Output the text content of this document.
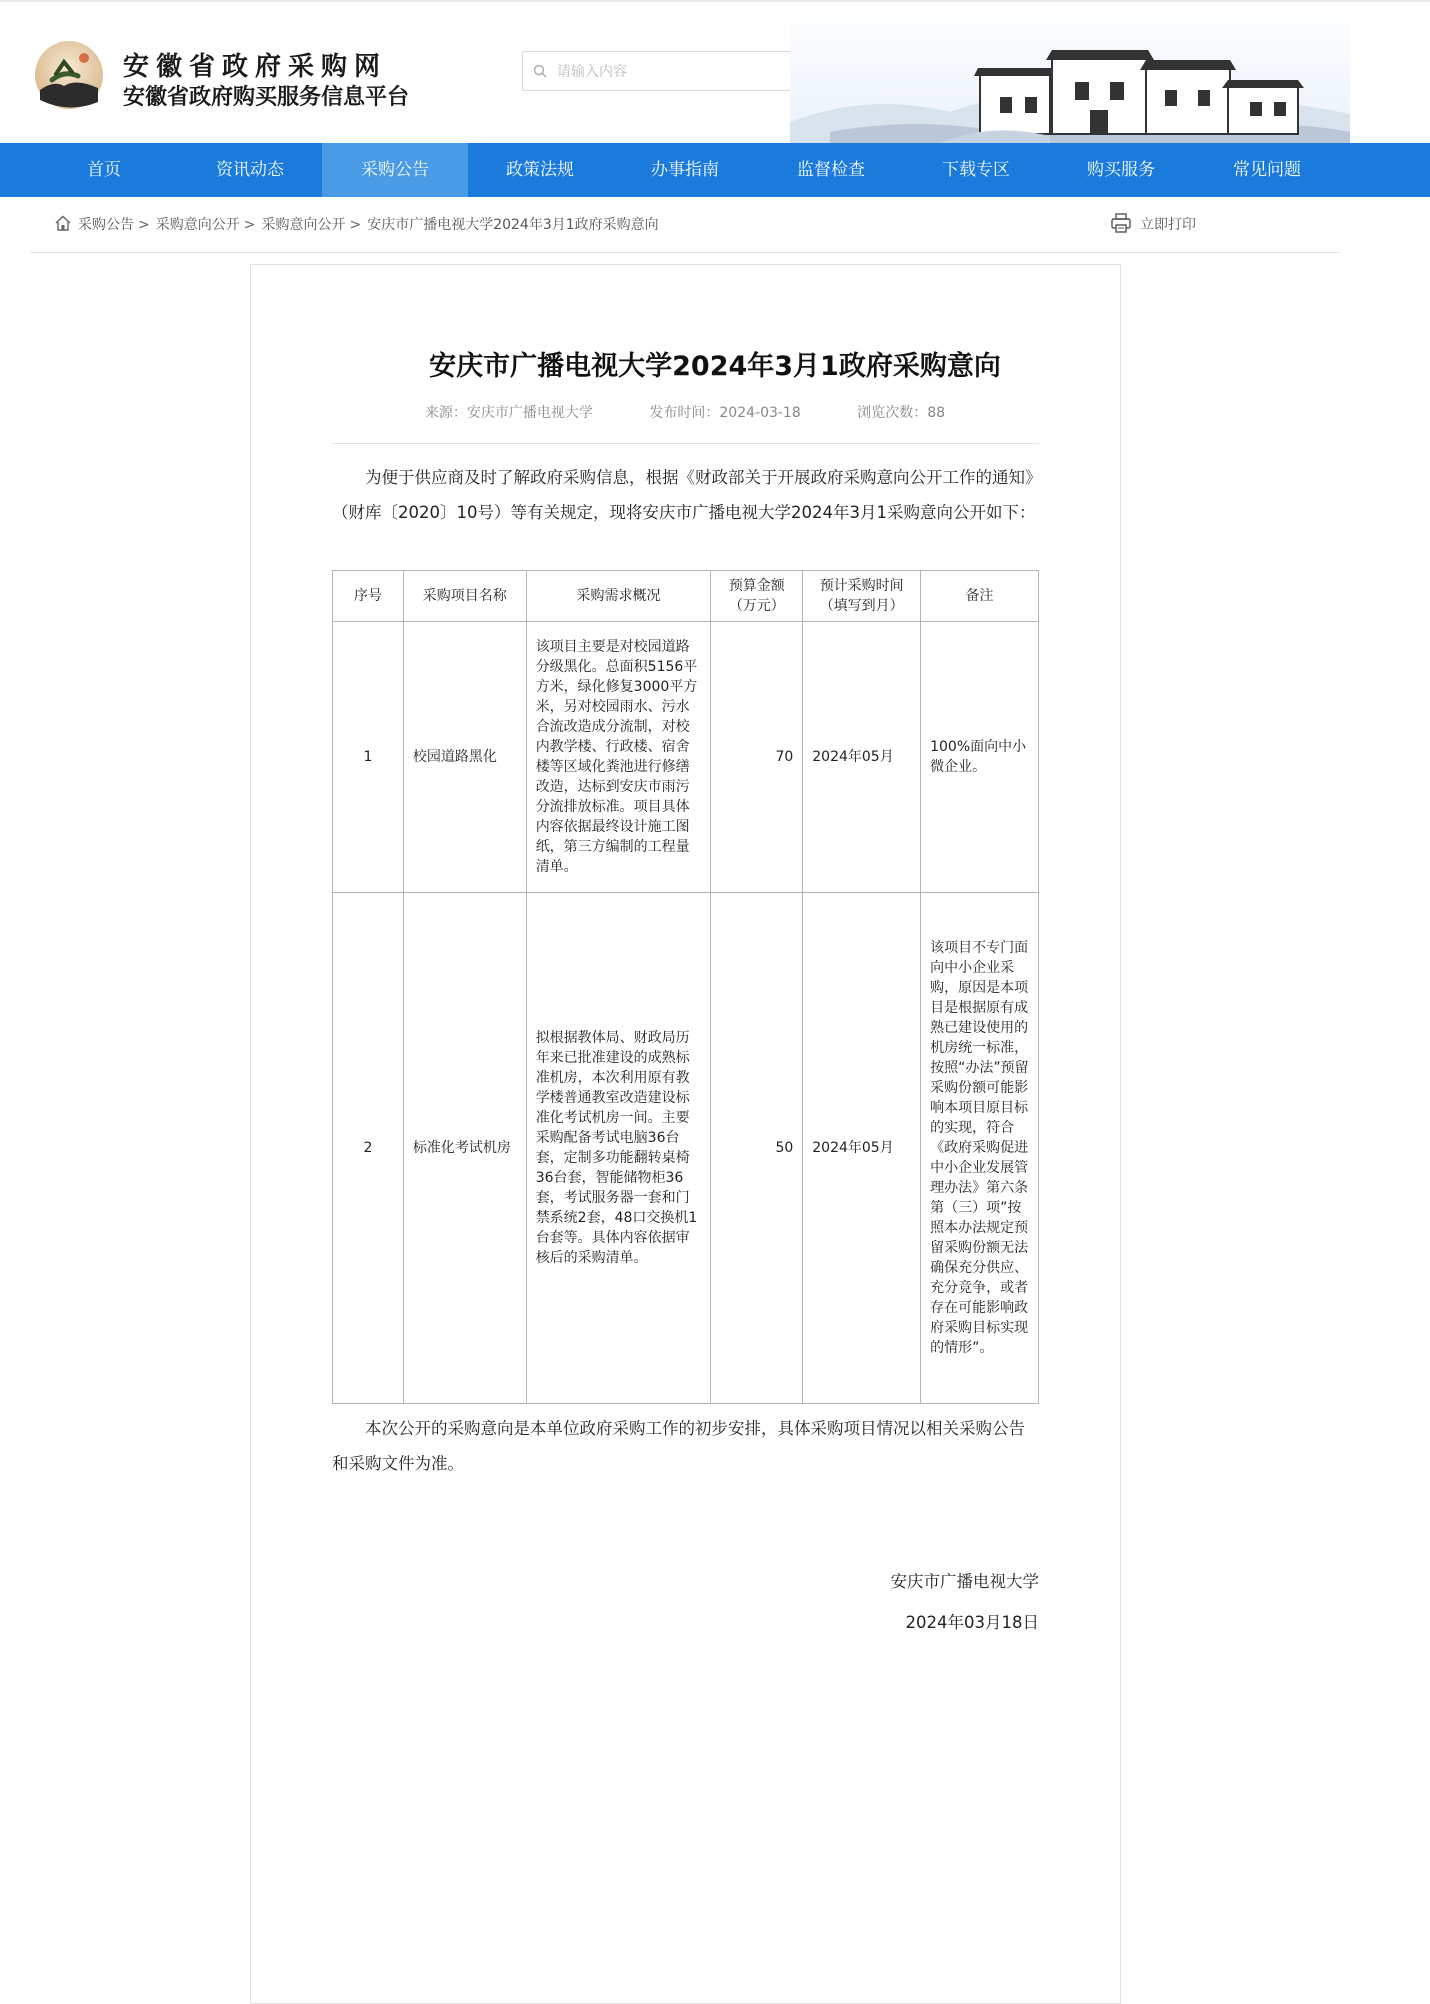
安徽省政府采购网
安徽省政府购买服务信息平台
请输入内容
首页	资讯动态	采购公告	政策法规	办事指南	监督检查	下载专区	购买服务	常见问题
采购公告 > 采购意向公开 > 采购意向公开 > 安庆市广播电视大学2024年3月1政府采购意向	立即打印
安庆市广播电视大学2024年3月1政府采购意向
来源：安庆市广播电视大学	发布时间：2024-03-18	浏览次数：88
为便于供应商及时了解政府采购信息，根据《财政部关于开展政府采购意向公开工作的通知》（财库〔2020〕10号）等有关规定，现将安庆市广播电视大学2024年3月1采购意向公开如下：
序号	采购项目名称	采购需求概况	预算金额（万元）	预计采购时间（填写到月）	备注
1	校园道路黑化	该项目主要是对校园道路分级黑化。总面积5156平方米，绿化修复3000平方米，另对校园雨水、污水合流改造成分流制，对校内教学楼、行政楼、宿舍楼等区域化粪池进行修缮改造，达标到安庆市雨污分流排放标准。项目具体内容依据最终设计施工图纸，第三方编制的工程量清单。	70	2024年05月	100%面向中小微企业。
2	标准化考试机房	拟根据教体局、财政局历年来已批准建设的成熟标准机房，本次利用原有教学楼普通教室改造建设标准化考试机房一间。主要采购配备考试电脑36台套，定制多功能翻转桌椅36台套，智能储物柜36套，考试服务器一套和门禁系统2套，48口交换机1台套等。具体内容依据审核后的采购清单。	50	2024年05月	该项目不专门面向中小企业采购，原因是本项目是根据原有成熟已建设使用的机房统一标准，按照“办法”预留采购份额可能影响本项目原目标的实现，符合《政府采购促进中小企业发展管理办法》第六条第（三）项”按照本办法规定预留采购份额无法确保充分供应、充分竞争，或者存在可能影响政府采购目标实现的情形”。
本次公开的采购意向是本单位政府采购工作的初步安排，具体采购项目情况以相关采购公告和采购文件为准。
安庆市广播电视大学
2024年03月18日
